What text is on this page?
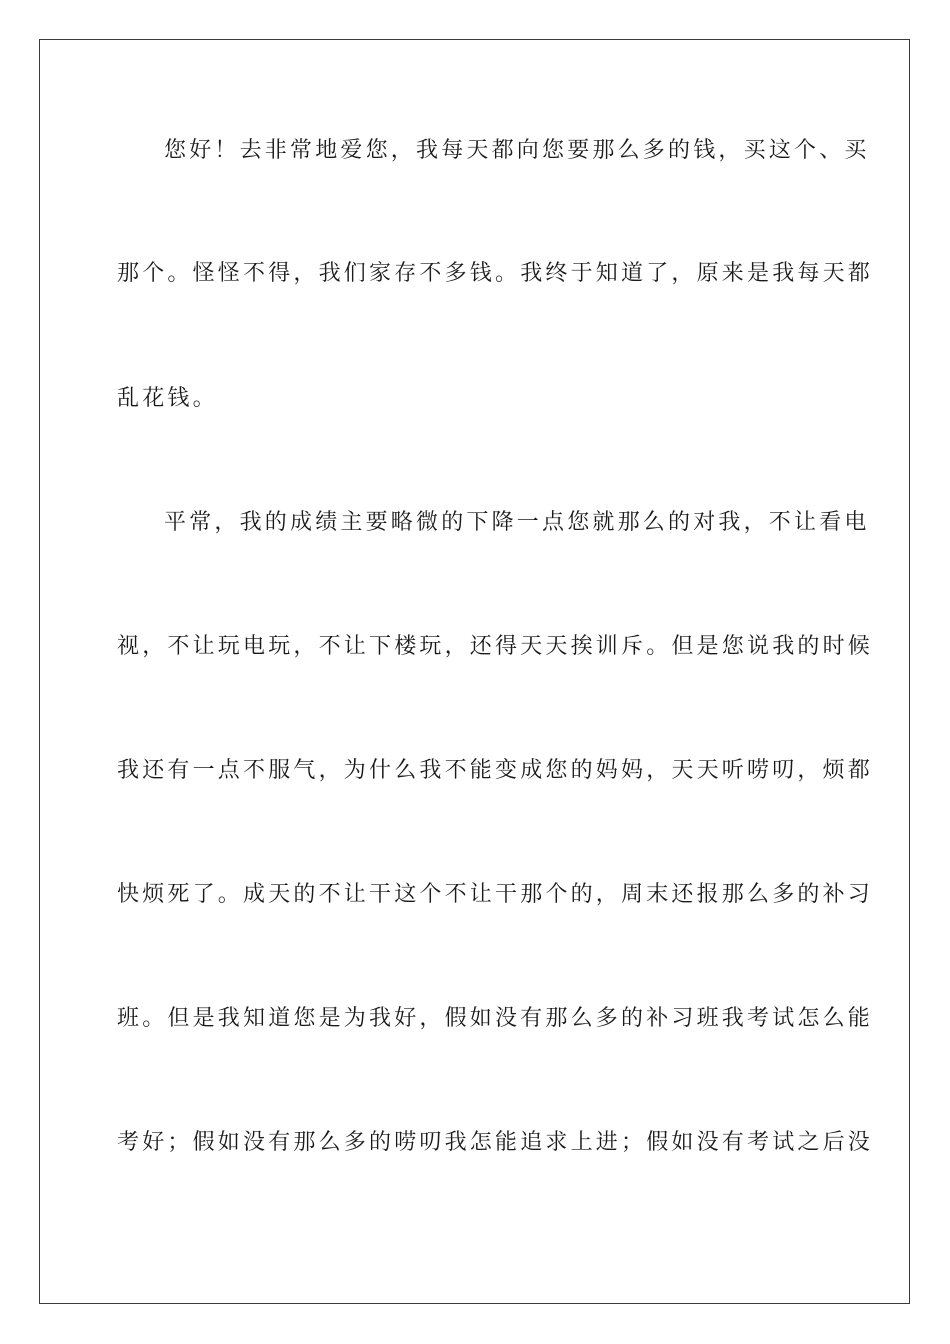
您好！去非常地爱您，我每天都向您要那么多的钱，买这个、买
那个。怪怪不得，我们家存不多钱。我终于知道了，原来是我每天都
乱花钱。
平常，我的成绩主要略微的下降一点您就那么的对我，不让看电
视，不让玩电玩，不让下楼玩，还得天天挨训斥。但是您说我的时候
我还有一点不服气，为什么我不能变成您的妈妈，天天听唠叨，烦都
快烦死了。成天的不让干这个不让干那个的，周末还报那么多的补习
班。但是我知道您是为我好，假如没有那么多的补习班我考试怎么能
考好；假如没有那么多的唠叨我怎能追求上进；假如没有考试之后没
